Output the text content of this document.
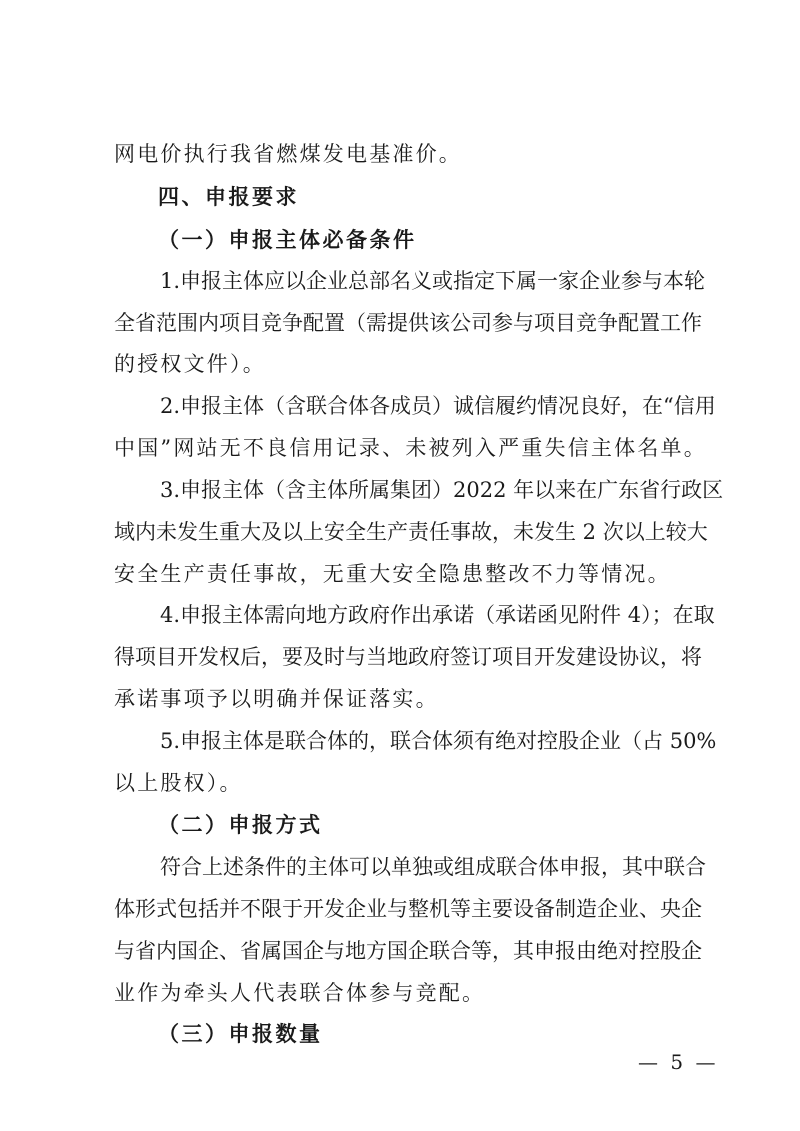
网电价执行我省燃煤发电基准价。
四、申报要求
（一）申报主体必备条件
1.申报主体应以企业总部名义或指定下属一家企业参与本轮
全省范围内项目竞争配置（需提供该公司参与项目竞争配置工作
的授权文件）。
2.申报主体（含联合体各成员）诚信履约情况良好，在“信用
中国”网站无不良信用记录、未被列入严重失信主体名单。
3.申报主体（含主体所属集团）2022 年以来在广东省行政区
域内未发生重大及以上安全生产责任事故，未发生 2 次以上较大
安全生产责任事故，无重大安全隐患整改不力等情况。
4.申报主体需向地方政府作出承诺（承诺函见附件 4）；在取
得项目开发权后，要及时与当地政府签订项目开发建设协议，将
承诺事项予以明确并保证落实。
5.申报主体是联合体的，联合体须有绝对控股企业（占 50%
以上股权）。
（二）申报方式
符合上述条件的主体可以单独或组成联合体申报，其中联合
体形式包括并不限于开发企业与整机等主要设备制造企业、央企
与省内国企、省属国企与地方国企联合等，其申报由绝对控股企
业作为牵头人代表联合体参与竞配。
（三）申报数量
— 5 —
